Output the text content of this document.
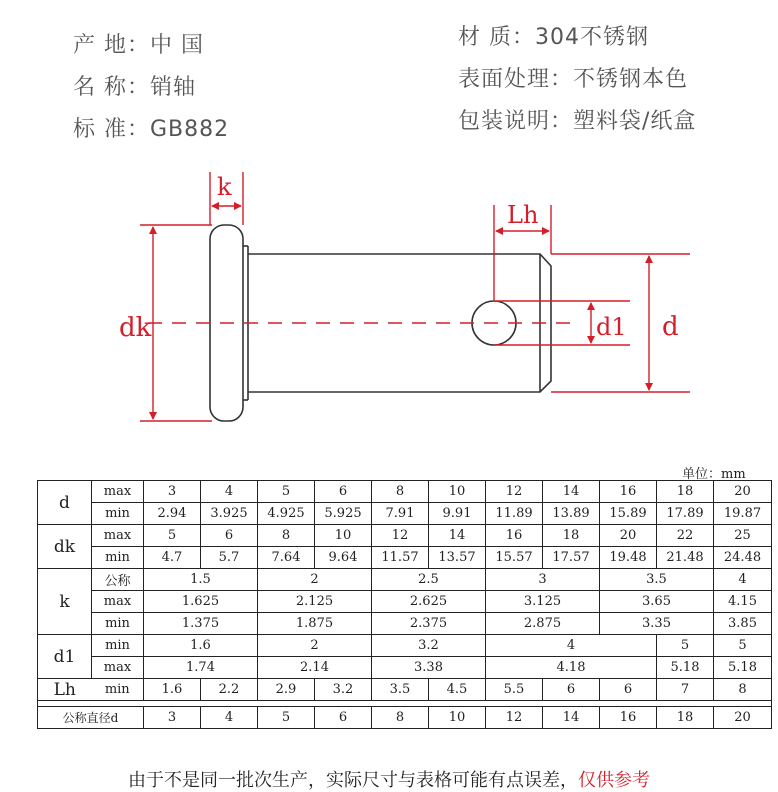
产 地：中 国
名 称：销轴
标 准：GB882
材 质：304不锈钢
表面处理：不锈钢本色
包装说明：塑料袋/纸盒
k
Lh
dk	d1 d
单位：mm
d	max	3	4	5	6	8	10	12	14	16	18	20
	min	2.94	3.925	4.925	5.925	7.91	9.91	11.89	13.89	15.89	17.89	19.87
dk	max	5	6	8	10	12	14	16	18	20	22	25
	min	4.7	5.7	7.64	9.64	11.57	13.57	15.57	17.57	19.48	21.48	24.48
k	公称	1.5		2		2.5		3		3.5		4
	max	1.625		2.125		2.625		3.125		3.65		4.15
	min	1.375		1.875		2.375		2.875		3.35		3.85
d1	min	1.6		2		3.2		4			5	5
	max	1.74		2.14		3.38		4.18			5.18	5.18
Lh	min	1.6	2.2	2.9	3.2	3.5	4.5	5.5	6	6	7	8

公称直径d		3	4	5	6	8	10	12	14	16	18	20
由于不是同一批次生产，实际尺寸与表格可能有点误差，仅供参考
